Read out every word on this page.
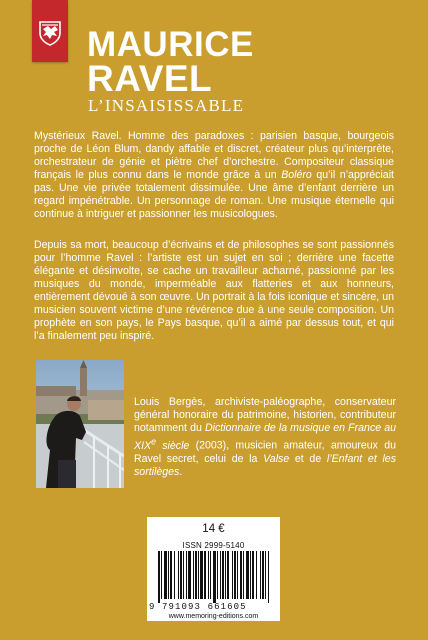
MAURICE
RAVEL
L’INSAISISSABLE

Mystérieux Ravel. Homme des paradoxes : parisien basque, bourgeois proche de Léon Blum, dandy affable et discret, créateur plus qu’interprète, orchestrateur de génie et piètre chef d’orchestre. Compositeur classique français le plus connu dans le monde grâce à un Boléro qu’il n’appréciait pas. Une vie privée totalement dissimulée. Une âme d’enfant derrière un regard impénétrable. Un personnage de roman. Une musique éternelle qui continue à intriguer et passionner les musicologues.

Depuis sa mort, beaucoup d’écrivains et de philosophes se sont passionnés pour l’homme Ravel : l’artiste est un sujet en soi ; derrière une facette élégante et désinvolte, se cache un travailleur acharné, passionné par les musiques du monde, imperméable aux flatteries et aux honneurs, entièrement dévoué à son œuvre. Un portrait à la fois iconique et sincère, un musicien souvent victime d’une révérence due à une seule composition. Un prophète en son pays, le Pays basque, qu’il a aimé par dessus tout, et qui l’a finalement peu inspiré.

Louis Bergès, archiviste-paléographe, conservateur général honoraire du patrimoine, historien, contributeur notamment du Dictionnaire de la musique en France au XIXe siècle (2003), musicien amateur, amoureux du Ravel secret, celui de la Valse et de l’Enfant et les sortilèges.

14 €
ISSN 2999-5140
9 791093 661605
www.memoring-editions.com
